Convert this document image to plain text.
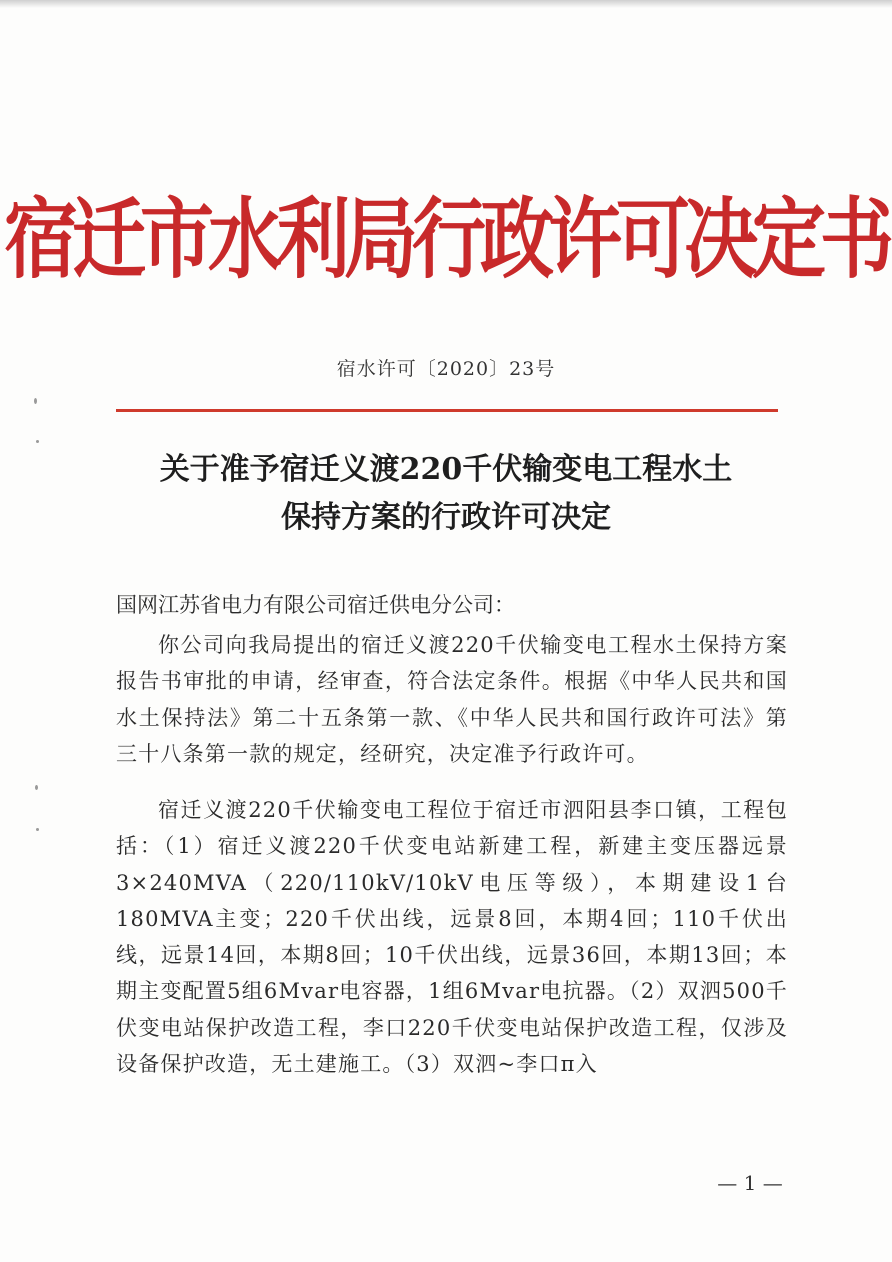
宿迁市水利局行政许可决定书
宿水许可〔2020〕23号
关于准予宿迁义渡220千伏输变电工程水土
保持方案的行政许可决定
国网江苏省电力有限公司宿迁供电分公司：
你公司向我局提出的宿迁义渡220千伏输变电工程水土保持方案报告书审批的申请，经审查，符合法定条件。根据《中华人民共和国水土保持法》第二十五条第一款、《中华人民共和国行政许可法》第三十八条第一款的规定，经研究，决定准予行政许可。
宿迁义渡220千伏输变电工程位于宿迁市泗阳县李口镇，工程包括：（1）宿迁义渡220千伏变电站新建工程，新建主变压器远景3×240MVA（220/110kV/10kV电压等级），本期建设1台180MVA主变；220千伏出线，远景8回，本期4回；110千伏出线，远景14回，本期8回；10千伏出线，远景36回，本期13回；本期主变配置5组6Mvar电容器，1组6Mvar电抗器。（2）双泗500千伏变电站保护改造工程，李口220千伏变电站保护改造工程，仅涉及设备保护改造，无土建施工。（3）双泗~李口π入
— 1 —
